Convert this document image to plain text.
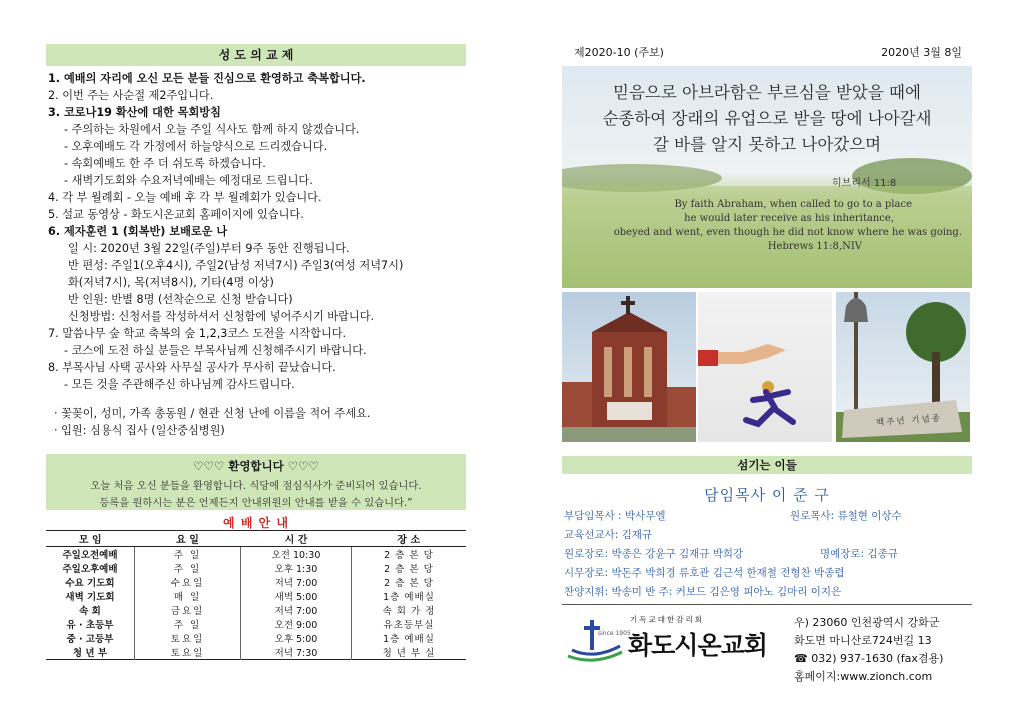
성 도 의 교 제
1. 예배의 자리에 오신 모든 분들 진심으로 환영하고 축복합니다.
2. 이번 주는 사순절 제2주입니다.
3. 코로나19 확산에 대한 목회방침
- 주의하는 차원에서 오늘 주일 식사도 함께 하지 않겠습니다.
- 오후예배도 각 가정에서 하늘양식으로 드리겠습니다.
- 속회예배도 한 주 더 쉬도록 하겠습니다.
- 새벽기도회와 수요저녁예배는 예정대로 드립니다.
4. 각 부 월례회 - 오늘 예배 후 각 부 월례회가 있습니다.
5. 설교 동영상 - 화도시온교회 홈페이지에 있습니다.
6. 제자훈련 1 (회복반) 보배로운 나
일 시: 2020년 3월 22일(주일)부터 9주 동안 진행됩니다.
반 편성: 주일1(오후4시), 주일2(남성 저녁7시) 주일3(여성 저녁7시)
화(저녁7시), 목(저녁8시), 기타(4명 이상)
반 인원: 반별 8명 (선착순으로 신청 받습니다)
신청방법: 신청서를 작성하셔서 신청함에 넣어주시기 바랍니다.
7. 말씀나무 숲 학교 축복의 숲 1,2,3코스 도전을 시작합니다.
- 코스에 도전 하실 분들은 부목사님께 신청해주시기 바랍니다.
8. 부목사님 사택 공사와 사무실 공사가 무사히 끝났습니다.
- 모든 것을 주관해주신 하나님께 감사드립니다.
· 꽃꽂이, 성미, 가족 총동원 / 현관 신청 난에 이름을 적어 주세요.
· 입원: 심용식 집사 (일산중심병원)
♡♡♡ 환영합니다 ♡♡♡
오늘 처음 오신 분들을 환영합니다. 식당에 점심식사가 준비되어 있습니다.
등록을 원하시는 분은 언제든지 안내위원의 안내를 받을 수 있습니다.”
예 배 안 내
모 임	요 일	시 간	장 소
주일오전예배	주 일	오전 10:30	2 층 본 당
주일오후예배	주 일	오후 1:30	2 층 본 당
수요 기도회	수요일	저녁 7:00	2 층 본 당
새벽 기도회	매 일	새벽 5:00	1층 예배실
속 회	금요일	저녁 7:00	속 회 가 정
유 · 초등부	주 일	오전 9:00	유초등부실
중 · 고등부	토요일	오후 5:00	1층 예배실
청 년 부	토요일	저녁 7:30	청 년 부 실
제2020-10 (주보)	2020년 3월 8일
믿음으로 아브라함은 부르심을 받았을 때에
순종하여 장래의 유업으로 받을 땅에 나아갈새
갈 바를 알지 못하고 나아갔으며
히브리서 11:8
By faith Abraham, when called to go to a place
he would later receive as his inheritance,
obeyed and went, even though he did not know where he was going.
Hebrews 11:8,NIV
백주년 기념종
섬기는 이들
담임목사 이 준 구
부담임목사 : 박사무엘	원로목사: 류철현 이상수
교육선교사: 김재규
원로장로: 박종은 강윤구 김재규 박희강	명예장로: 김종규
시무장로: 박돈주 박희경 류호관 김근석 한재철 전형찬 박종렵
찬양지휘: 박송미 반 주: 커보드 김은영 피아노 김마리 이지은
since 1905
기독교대한감리회
화도시온교회
우) 23060 인천광역시 강화군
화도면 마니산로724번길 13
☎ 032) 937-1630 (fax겸용)
홈페이지:www.zionch.com
